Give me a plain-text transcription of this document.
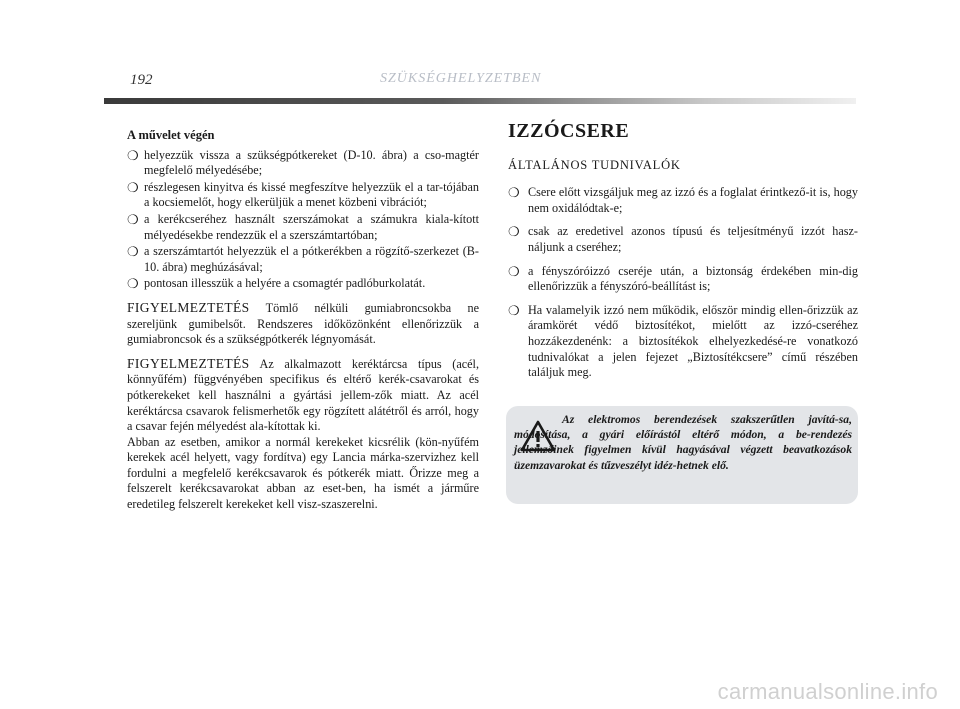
192	SZÜKSÉGHELYZETBEN
A művelet végén
❍ helyezzük vissza a szükségpótkereket (D-10. ábra) a cso-magtér megfelelő mélyedésébe;
❍ részlegesen kinyitva és kissé megfeszítve helyezzük el a tar-tójában a kocsiemelőt, hogy elkerüljük a menet közbeni vibrációt;
❍ a kerékcseréhez használt szerszámokat a számukra kiala-kított mélyedésekbe rendezzük el a szerszámtartóban;
❍ a szerszámtartót helyezzük el a pótkerékben a rögzítő-szerkezet (B-10. ábra) meghúzásával;
❍ pontosan illesszük a helyére a csomagtér padlóburkolatát.

FIGYELMEZTETÉS Tömlő nélküli gumiabroncsokba ne szereljünk gumibelsőt. Rendszeres időközönként ellenőrizzük a gumiabroncsok és a szükségpótkerék légnyomását.

FIGYELMEZTETÉS Az alkalmazott keréktárcsa típus (acél, könnyűfém) függvényében specifikus és eltérő kerék-csavarokat és pótkerekeket kell használni a gyártási jellem-zők miatt. Az acél keréktárcsa csavarok felismerhetők egy rögzített alátétről és arról, hogy a csavar fején mélyedést ala-kítottak ki.

Abban az esetben, amikor a normál kerekeket kicsrélik (kön-nyűfém kerekek acél helyett, vagy fordítva) egy Lancia márka-szervizhez kell fordulni a megfelelő kerékcsavarok és pótkerék miatt. Őrizze meg a felszerelt kerékcsavarokat abban az eset-ben, ha ismét a járműre eredetileg felszerelt kerekeket kell visz-szaszerelni.

IZZÓCSERE
ÁLTALÁNOS TUDNIVALÓK
❍ Csere előtt vizsgáljuk meg az izzó és a foglalat érintkező-it is, hogy nem oxidálódtak-e;
❍ csak az eredetivel azonos típusú és teljesítményű izzót hasz-náljunk a cseréhez;
❍ a fényszóróizzó cseréje után, a biztonság érdekében min-dig ellenőrizzük a fényszóró-beállítást is;
❍ Ha valamelyik izzó nem működik, először mindig ellen-őrizzük az áramkörét védő biztosítékot, mielőtt az izzó-cseréhez hozzákezdenénk: a biztosítékok elhelyezkedésé-re vonatkozó tudnivalókat a jelen fejezet „Biztosítékcsere” című részében találjuk meg.
Az elektromos berendezések szakszerűtlen javítá-sa, módosítása, a gyári előírástól eltérő módon, a be-rendezés jellemzőinek figyelmen kívül hagyásával végzett beavatkozások üzemzavarokat és tűzveszélyt idéz-hetnek elő.
carmanualsonline.info
